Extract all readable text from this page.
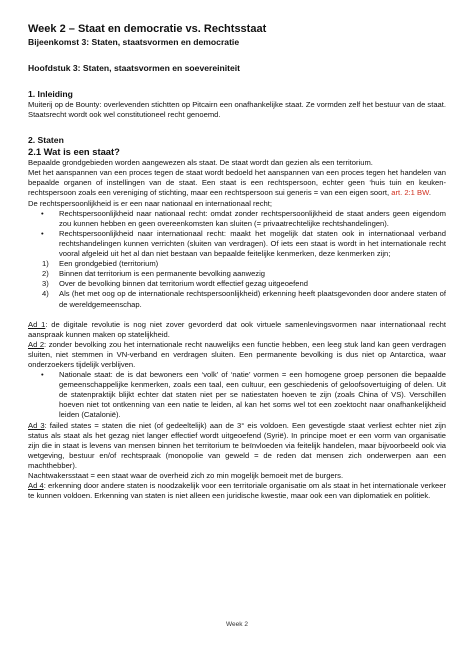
Week 2 – Staat en democratie vs. Rechtsstaat

Bijeenkomst 3: Staten, staatsvormen en democratie

Hoofdstuk 3: Staten, staatsvormen en soevereiniteit

1. Inleiding

Muiterij op de Bounty: overlevenden stichtten op Pitcairn een onafhankelijke staat. Ze vormden zelf het bestuur van de staat. Staatsrecht wordt ook wel constitutioneel recht genoemd.

2. Staten

2.1 Wat is een staat?

Bepaalde grondgebieden worden aangewezen als staat. De staat wordt dan gezien als een territorium.

Met het aanspannen van een proces tegen de staat wordt bedoeld het aanspannen van een proces tegen het handelen van bepaalde organen of instellingen van de staat. Een staat is een rechtspersoon, echter geen ‘huis tuin en keuken-rechtspersoon zoals een vereniging of stichting, maar een rechtspersoon sui generis = van een eigen soort, art. 2:1 BW.

De rechtspersoonlijkheid is er een naar nationaal en internationaal recht;

• Rechtspersoonlijkheid naar nationaal recht: omdat zonder rechtspersoonlijkheid de staat anders geen eigendom zou kunnen hebben en geen overeenkomsten kan sluiten (= privaatrechtelijke rechtshandelingen).
• Rechtspersoonlijkheid naar internationaal recht: maakt het mogelijk dat staten ook in internationaal verband rechtshandelingen kunnen verrichten (sluiten van verdragen). Of iets een staat is wordt in het internationale recht vooral afgeleid uit het al dan niet bestaan van bepaalde feitelijke kenmerken, deze kenmerken zijn;
1) Een grondgebied (territorium)
2) Binnen dat territorium is een permanente bevolking aanwezig
3) Over de bevolking binnen dat territorium wordt effectief gezag uitgeoefend
4) Als (het met oog op de internationale rechtspersoonlijkheid) erkenning heeft plaatsgevonden door andere staten of de wereldgemeenschap.

Ad 1: de digitale revolutie is nog niet zover gevorderd dat ook virtuele samenlevingsvormen naar internationaal recht aanspraak kunnen maken op statelijkheid.

Ad 2: zonder bevolking zou het internationale recht nauwelijks een functie hebben, een leeg stuk land kan geen verdragen sluiten, niet stemmen in VN-verband en verdragen sluiten. Een permanente bevolking is dus niet op Antarctica, waar onderzoekers tijdelijk verblijven.

• Nationale staat: de is dat bewoners een ‘volk’ of ‘natie’ vormen = een homogene groep personen die bepaalde gemeenschappelijke kenmerken, zoals een taal, een cultuur, een geschiedenis of geloofsovertuiging of delen. Uit de statenpraktijk blijkt echter dat staten niet per se natiestaten hoeven te zijn (zoals China of VS). Verschillen hoeven niet tot ontkenning van een natie te leiden, al kan het soms wel tot een zoektocht naar onafhankelijkheid leiden (Catalonië).

Ad 3: failed states = staten die niet (of gedeeltelijk) aan de 3° eis voldoen. Een gevestigde staat verliest echter niet zijn status als staat als het gezag niet langer effectief wordt uitgeoefend (Syrië). In principe moet er een vorm van organisatie zijn die in staat is levens van mensen binnen het territorium te beïnvloeden via feitelijk handelen, maar bijvoorbeeld ook via wetgeving, bestuur en/of rechtspraak (monopolie van geweld = de reden dat mensen zich onderwerpen aan een machthebber).

Nachtwakersstaat = een staat waar de overheid zich zo min mogelijk bemoeit met de burgers.

Ad 4: erkenning door andere staten is noodzakelijk voor een territoriale organisatie om als staat in het internationale verkeer te kunnen voldoen. Erkenning van staten is niet alleen een juridische kwestie, maar ook een van diplomatiek en politiek.

Week 2
